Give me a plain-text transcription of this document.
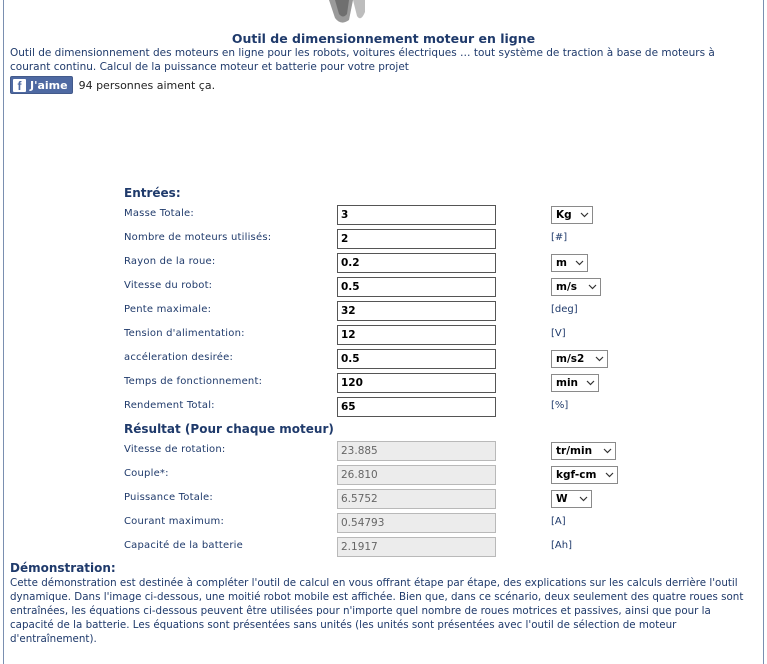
Outil de dimensionnement moteur en ligne
Outil de dimensionnement des moteurs en ligne pour les robots, voitures électriques … tout système de traction à base de moteurs à courant continu. Calcul de la puissance moteur et batterie pour votre projet
f J'aime 94 personnes aiment ça.
Entrées:
Masse Totale:	3	Kg
Nombre de moteurs utilisés:	2	[#]
Rayon de la roue:	0.2	m
Vitesse du robot:	0.5	m/s
Pente maximale:	32	[deg]
Tension d'alimentation:	12	[V]
accéleration desirée:	0.5	m/s2
Temps de fonctionnement:	120	min
Rendement Total:	65	[%]
Résultat (Pour chaque moteur)
Vitesse de rotation:	23.885	tr/min
Couple*:	26.810	kgf-cm
Puissance Totale:	6.5752	W
Courant maximum:	0.54793	[A]
Capacité de la batterie	2.1917	[Ah]
Démonstration:
Cette démonstration est destinée à compléter l'outil de calcul en vous offrant étape par étape, des explications sur les calculs derrière l'outil dynamique. Dans l'image ci-dessous, une moitié robot mobile est affichée. Bien que, dans ce scénario, deux seulement des quatre roues sont entraînées, les équations ci-dessous peuvent être utilisées pour n'importe quel nombre de roues motrices et passives, ainsi que pour la capacité de la batterie. Les équations sont présentées sans unités (les unités sont présentées avec l'outil de sélection de moteur d'entraînement).
